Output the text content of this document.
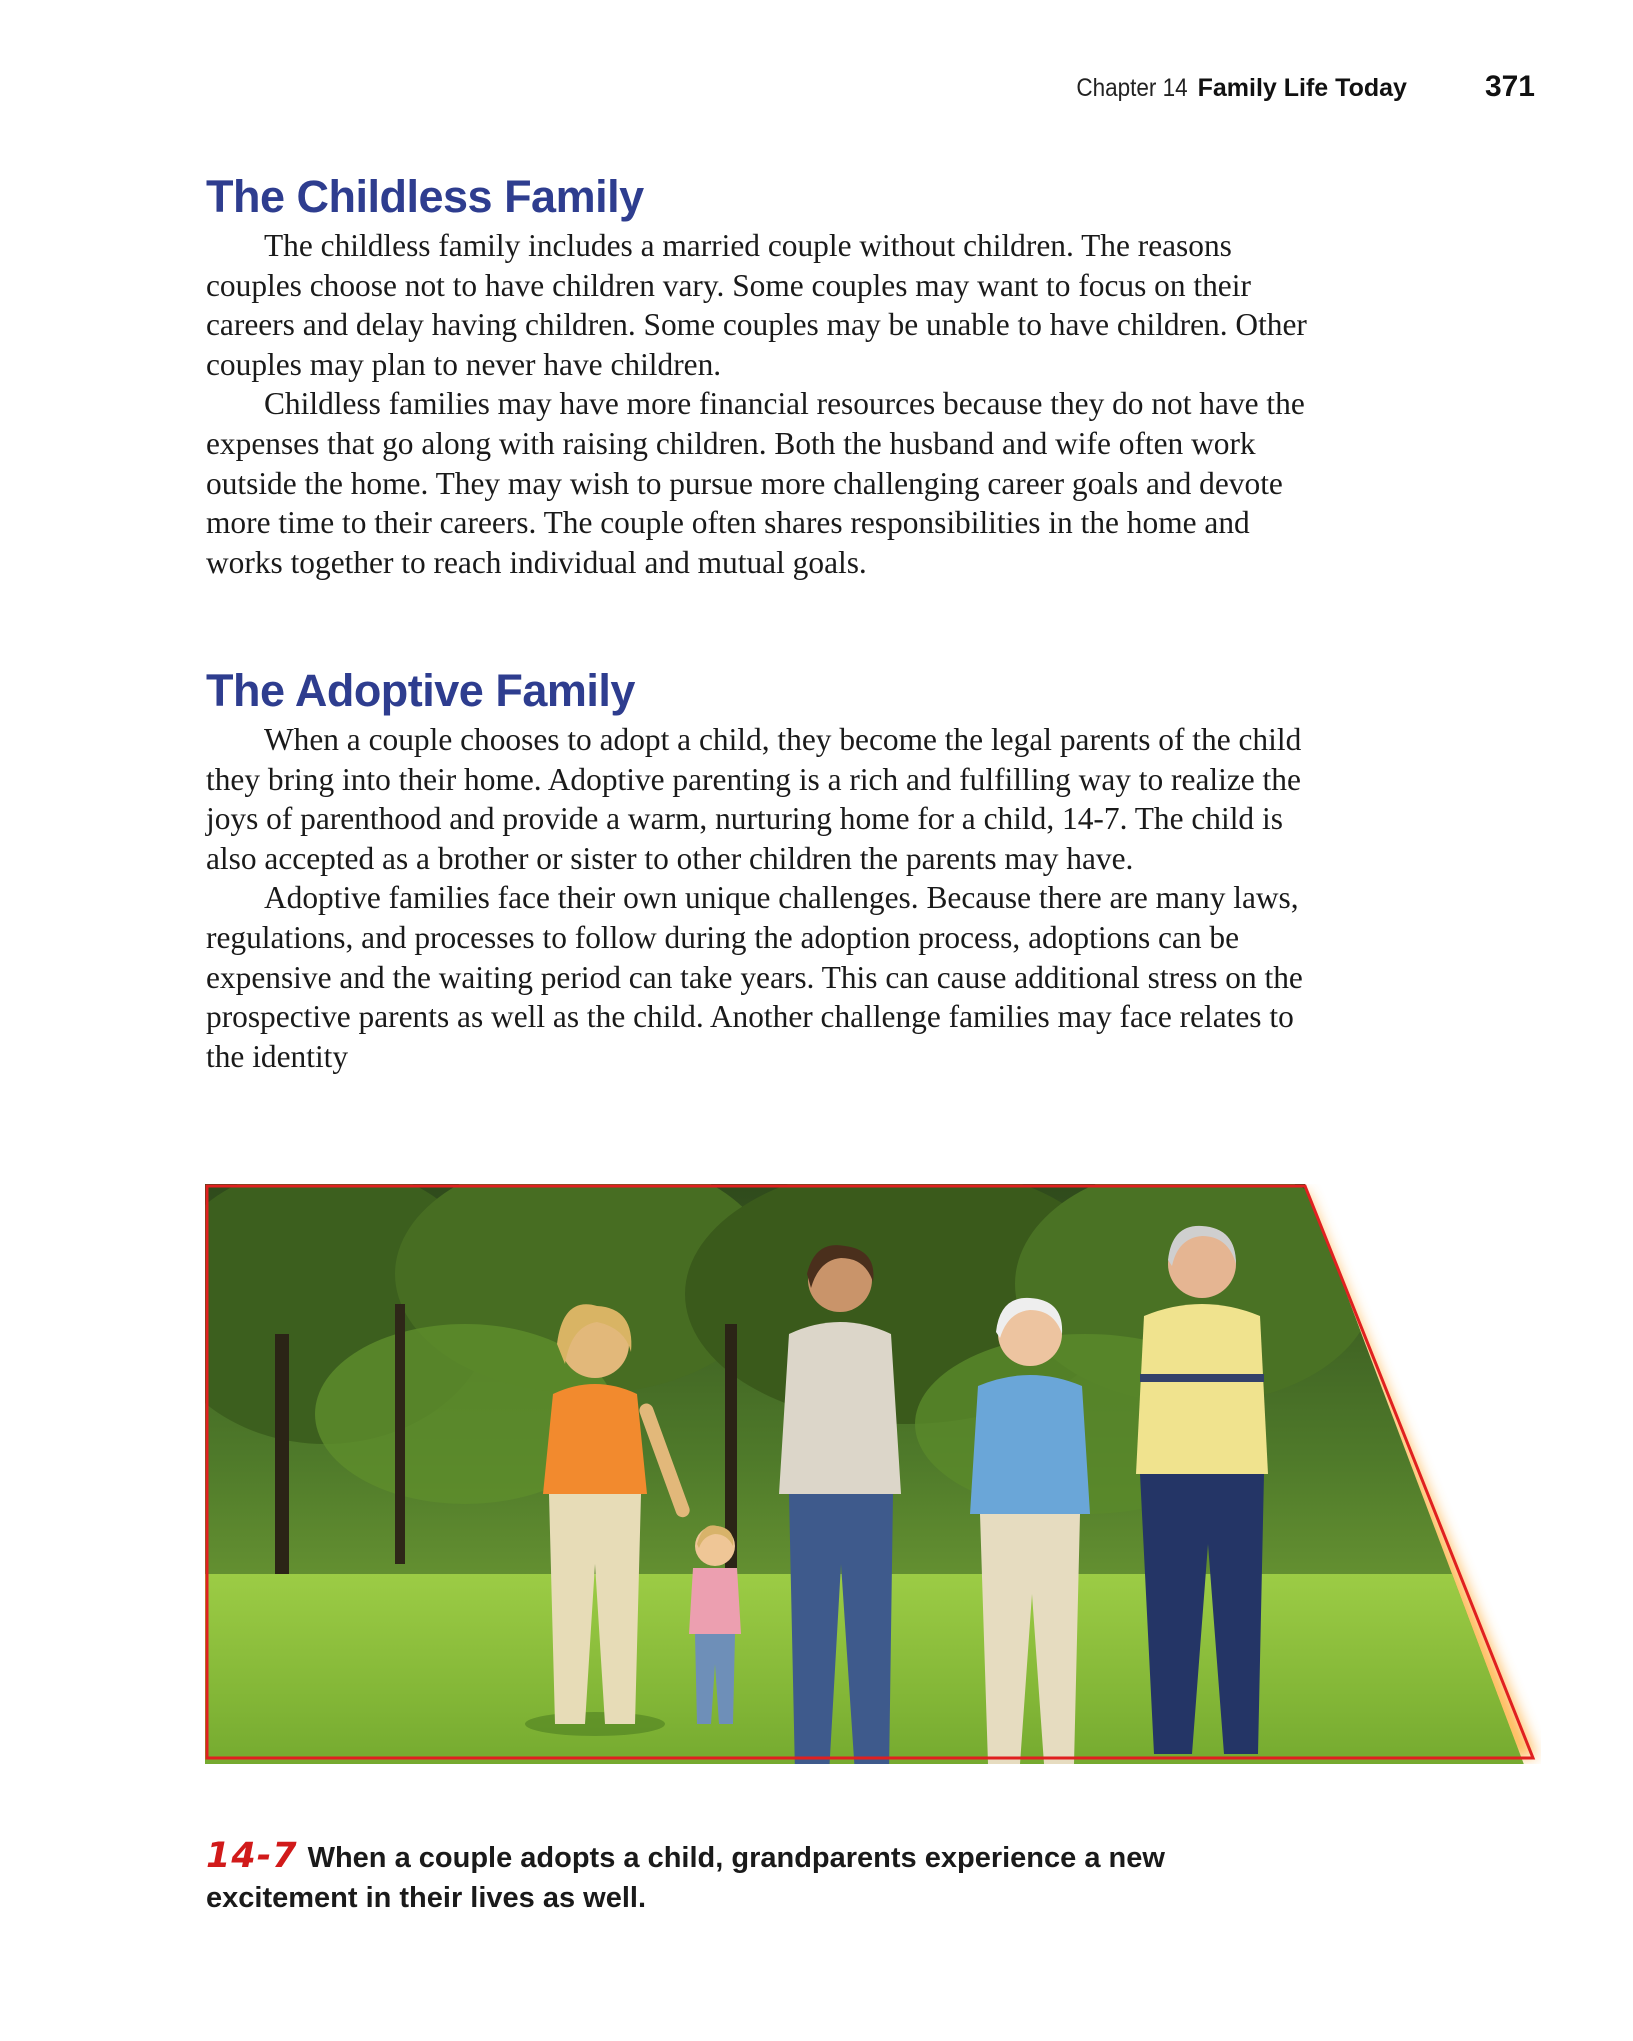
Chapter 14 Family Life Today	371
The Childless Family

The childless family includes a married couple without children. The reasons couples choose not to have children vary. Some couples may want to focus on their careers and delay having children. Some couples may be unable to have children. Other couples may plan to never have children.

Childless families may have more financial resources because they do not have the expenses that go along with raising children. Both the husband and wife often work outside the home. They may wish to pursue more challenging career goals and devote more time to their careers. The couple often shares responsibilities in the home and works together to reach individual and mutual goals.

The Adoptive Family

When a couple chooses to adopt a child, they become the legal parents of the child they bring into their home. Adoptive parenting is a rich and fulfilling way to realize the joys of parenthood and provide a warm, nurturing home for a child, 14-7. The child is also accepted as a brother or sister to other children the parents may have.

Adoptive families face their own unique challenges. Because there are many laws, regulations, and processes to follow during the adoption process, adoptions can be expensive and the waiting period can take years. This can cause additional stress on the prospective parents as well as the child. Another challenge families may face relates to the identity

14-7 When a couple adopts a child, grandparents experience a new excitement in their lives as well.
